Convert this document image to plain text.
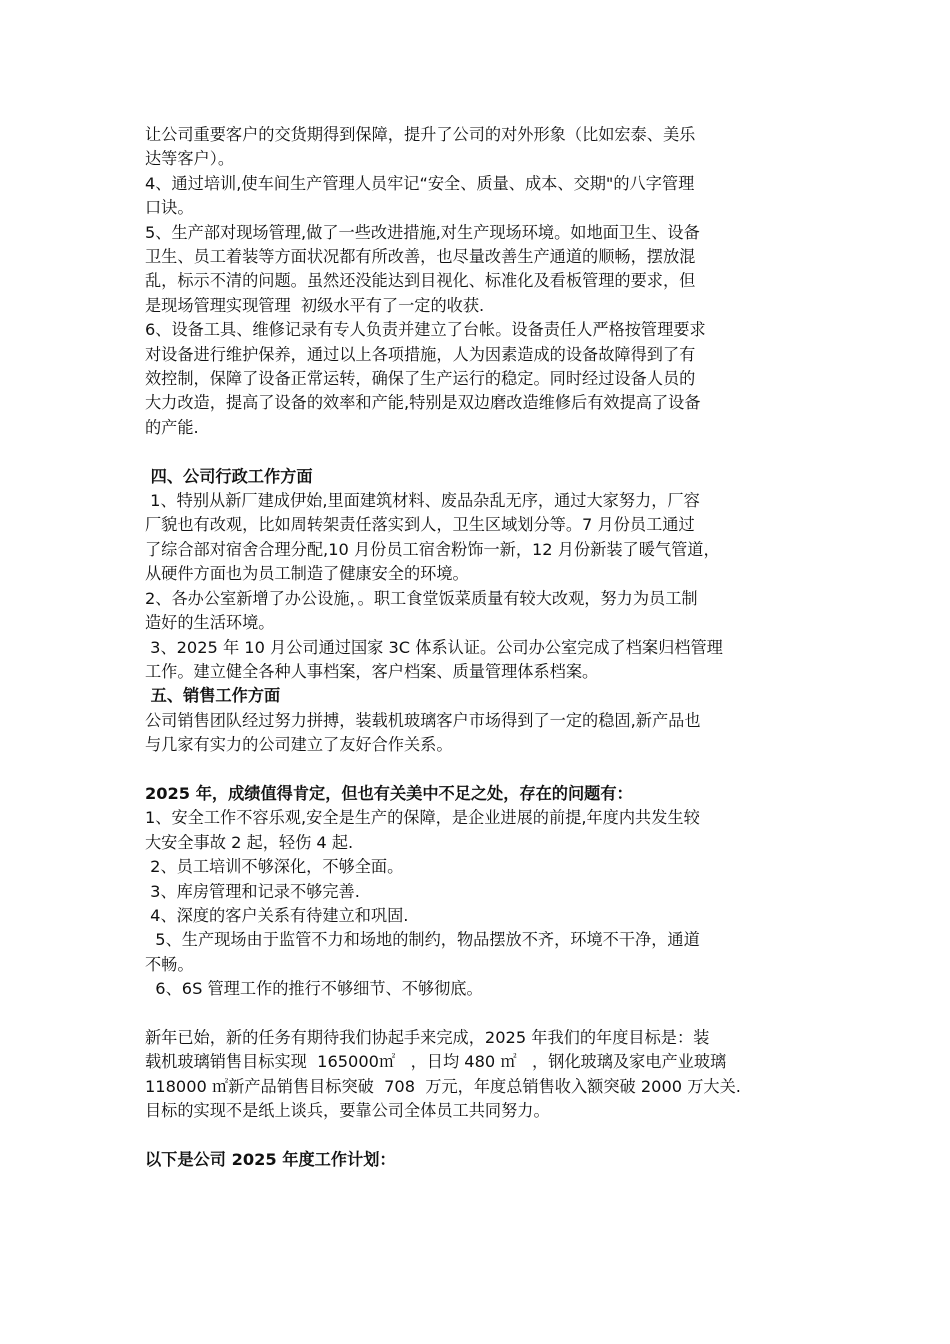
让公司重要客户的交货期得到保障，提升了公司的对外形象（比如宏泰、美乐
达等客户）。
4、通过培训,使车间生产管理人员牢记“安全、质量、成本、交期"的八字管理
口诀。
5、生产部对现场管理,做了一些改进措施,对生产现场环境。如地面卫生、设备
卫生、员工着装等方面状况都有所改善，也尽量改善生产通道的顺畅，摆放混
乱，标示不清的问题。虽然还没能达到目视化、标准化及看板管理的要求，但
是现场管理实现管理  初级水平有了一定的收获.
6、设备工具、维修记录有专人负责并建立了台帐。设备责任人严格按管理要求
对设备进行维护保养，通过以上各项措施，人为因素造成的设备故障得到了有
效控制，保障了设备正常运转，确保了生产运行的稳定。同时经过设备人员的
大力改造，提高了设备的效率和产能,特别是双边磨改造维修后有效提高了设备
的产能.
四、公司行政工作方面
1、特别从新厂建成伊始,里面建筑材料、废品杂乱无序，通过大家努力，厂容
厂貌也有改观，比如周转架责任落实到人，卫生区域划分等。7 月份员工通过
了综合部对宿舍合理分配,10 月份员工宿舍粉饰一新，12 月份新装了暖气管道，
从硬件方面也为员工制造了健康安全的环境。
2、各办公室新增了办公设施，。职工食堂饭菜质量有较大改观，努力为员工制
造好的生活环境。
3、2025 年 10 月公司通过国家 3C 体系认证。公司办公室完成了档案归档管理
工作。建立健全各种人事档案，客户档案、质量管理体系档案。
五、销售工作方面
公司销售团队经过努力拼搏，装载机玻璃客户市场得到了一定的稳固,新产品也
与几家有实力的公司建立了友好合作关系。
2025 年，成绩值得肯定，但也有关美中不足之处，存在的问题有：
1、安全工作不容乐观,安全是生产的保障，是企业进展的前提,年度内共发生较
大安全事故 2 起，轻伤 4 起.
2、员工培训不够深化，不够全面。
3、库房管理和记录不够完善.
4、深度的客户关系有待建立和巩固.
5、生产现场由于监管不力和场地的制约，物品摆放不齐，环境不干净，通道
不畅。
6、6S 管理工作的推行不够细节、不够彻底。
新年已始，新的任务有期待我们协起手来完成，2025 年我们的年度目标是：装
载机玻璃销售目标实现  165000㎡   ，日均 480 ㎡   ，钢化玻璃及家电产业玻璃
118000 ㎡新产品销售目标突破  708  万元，年度总销售收入额突破 2000 万大关.
目标的实现不是纸上谈兵，要靠公司全体员工共同努力。
以下是公司 2025 年度工作计划：
